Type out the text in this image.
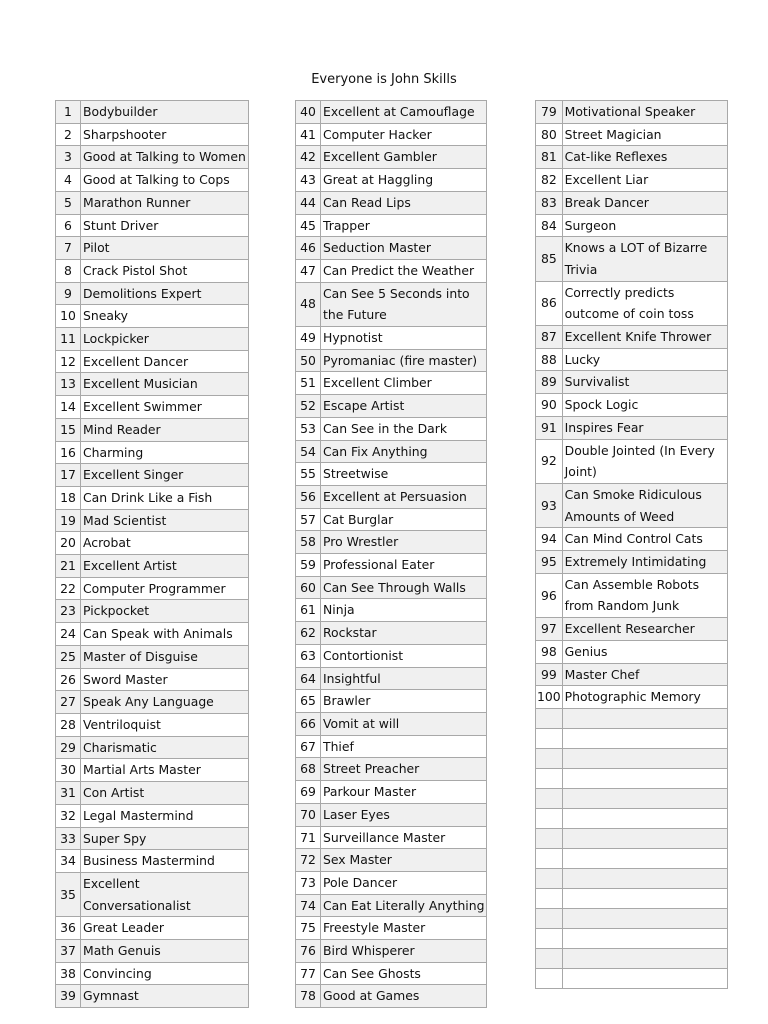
Everyone is John Skills
1	Bodybuilder
2	Sharpshooter
3	Good at Talking to Women
4	Good at Talking to Cops
5	Marathon Runner
6	Stunt Driver
7	Pilot
8	Crack Pistol Shot
9	Demolitions Expert
10	Sneaky
11	Lockpicker
12	Excellent Dancer
13	Excellent Musician
14	Excellent Swimmer
15	Mind Reader
16	Charming
17	Excellent Singer
18	Can Drink Like a Fish
19	Mad Scientist
20	Acrobat
21	Excellent Artist
22	Computer Programmer
23	Pickpocket
24	Can Speak with Animals
25	Master of Disguise
26	Sword Master
27	Speak Any Language
28	Ventriloquist
29	Charismatic
30	Martial Arts Master
31	Con Artist
32	Legal Mastermind
33	Super Spy
34	Business Mastermind
35	Excellent Conversationalist
36	Great Leader
37	Math Genuis
38	Convincing
39	Gymnast
40	Excellent at Camouflage
41	Computer Hacker
42	Excellent Gambler
43	Great at Haggling
44	Can Read Lips
45	Trapper
46	Seduction Master
47	Can Predict the Weather
48	Can See 5 Seconds into the Future
49	Hypnotist
50	Pyromaniac (fire master)
51	Excellent Climber
52	Escape Artist
53	Can See in the Dark
54	Can Fix Anything
55	Streetwise
56	Excellent at Persuasion
57	Cat Burglar
58	Pro Wrestler
59	Professional Eater
60	Can See Through Walls
61	Ninja
62	Rockstar
63	Contortionist
64	Insightful
65	Brawler
66	Vomit at will
67	Thief
68	Street Preacher
69	Parkour Master
70	Laser Eyes
71	Surveillance Master
72	Sex Master
73	Pole Dancer
74	Can Eat Literally Anything
75	Freestyle Master
76	Bird Whisperer
77	Can See Ghosts
78	Good at Games
79	Motivational Speaker
80	Street Magician
81	Cat-like Reflexes
82	Excellent Liar
83	Break Dancer
84	Surgeon
85	Knows a LOT of Bizarre Trivia
86	Correctly predicts outcome of coin toss
87	Excellent Knife Thrower
88	Lucky
89	Survivalist
90	Spock Logic
91	Inspires Fear
92	Double Jointed (In Every Joint)
93	Can Smoke Ridiculous Amounts of Weed
94	Can Mind Control Cats
95	Extremely Intimidating
96	Can Assemble Robots from Random Junk
97	Excellent Researcher
98	Genius
99	Master Chef
100	Photographic Memory
